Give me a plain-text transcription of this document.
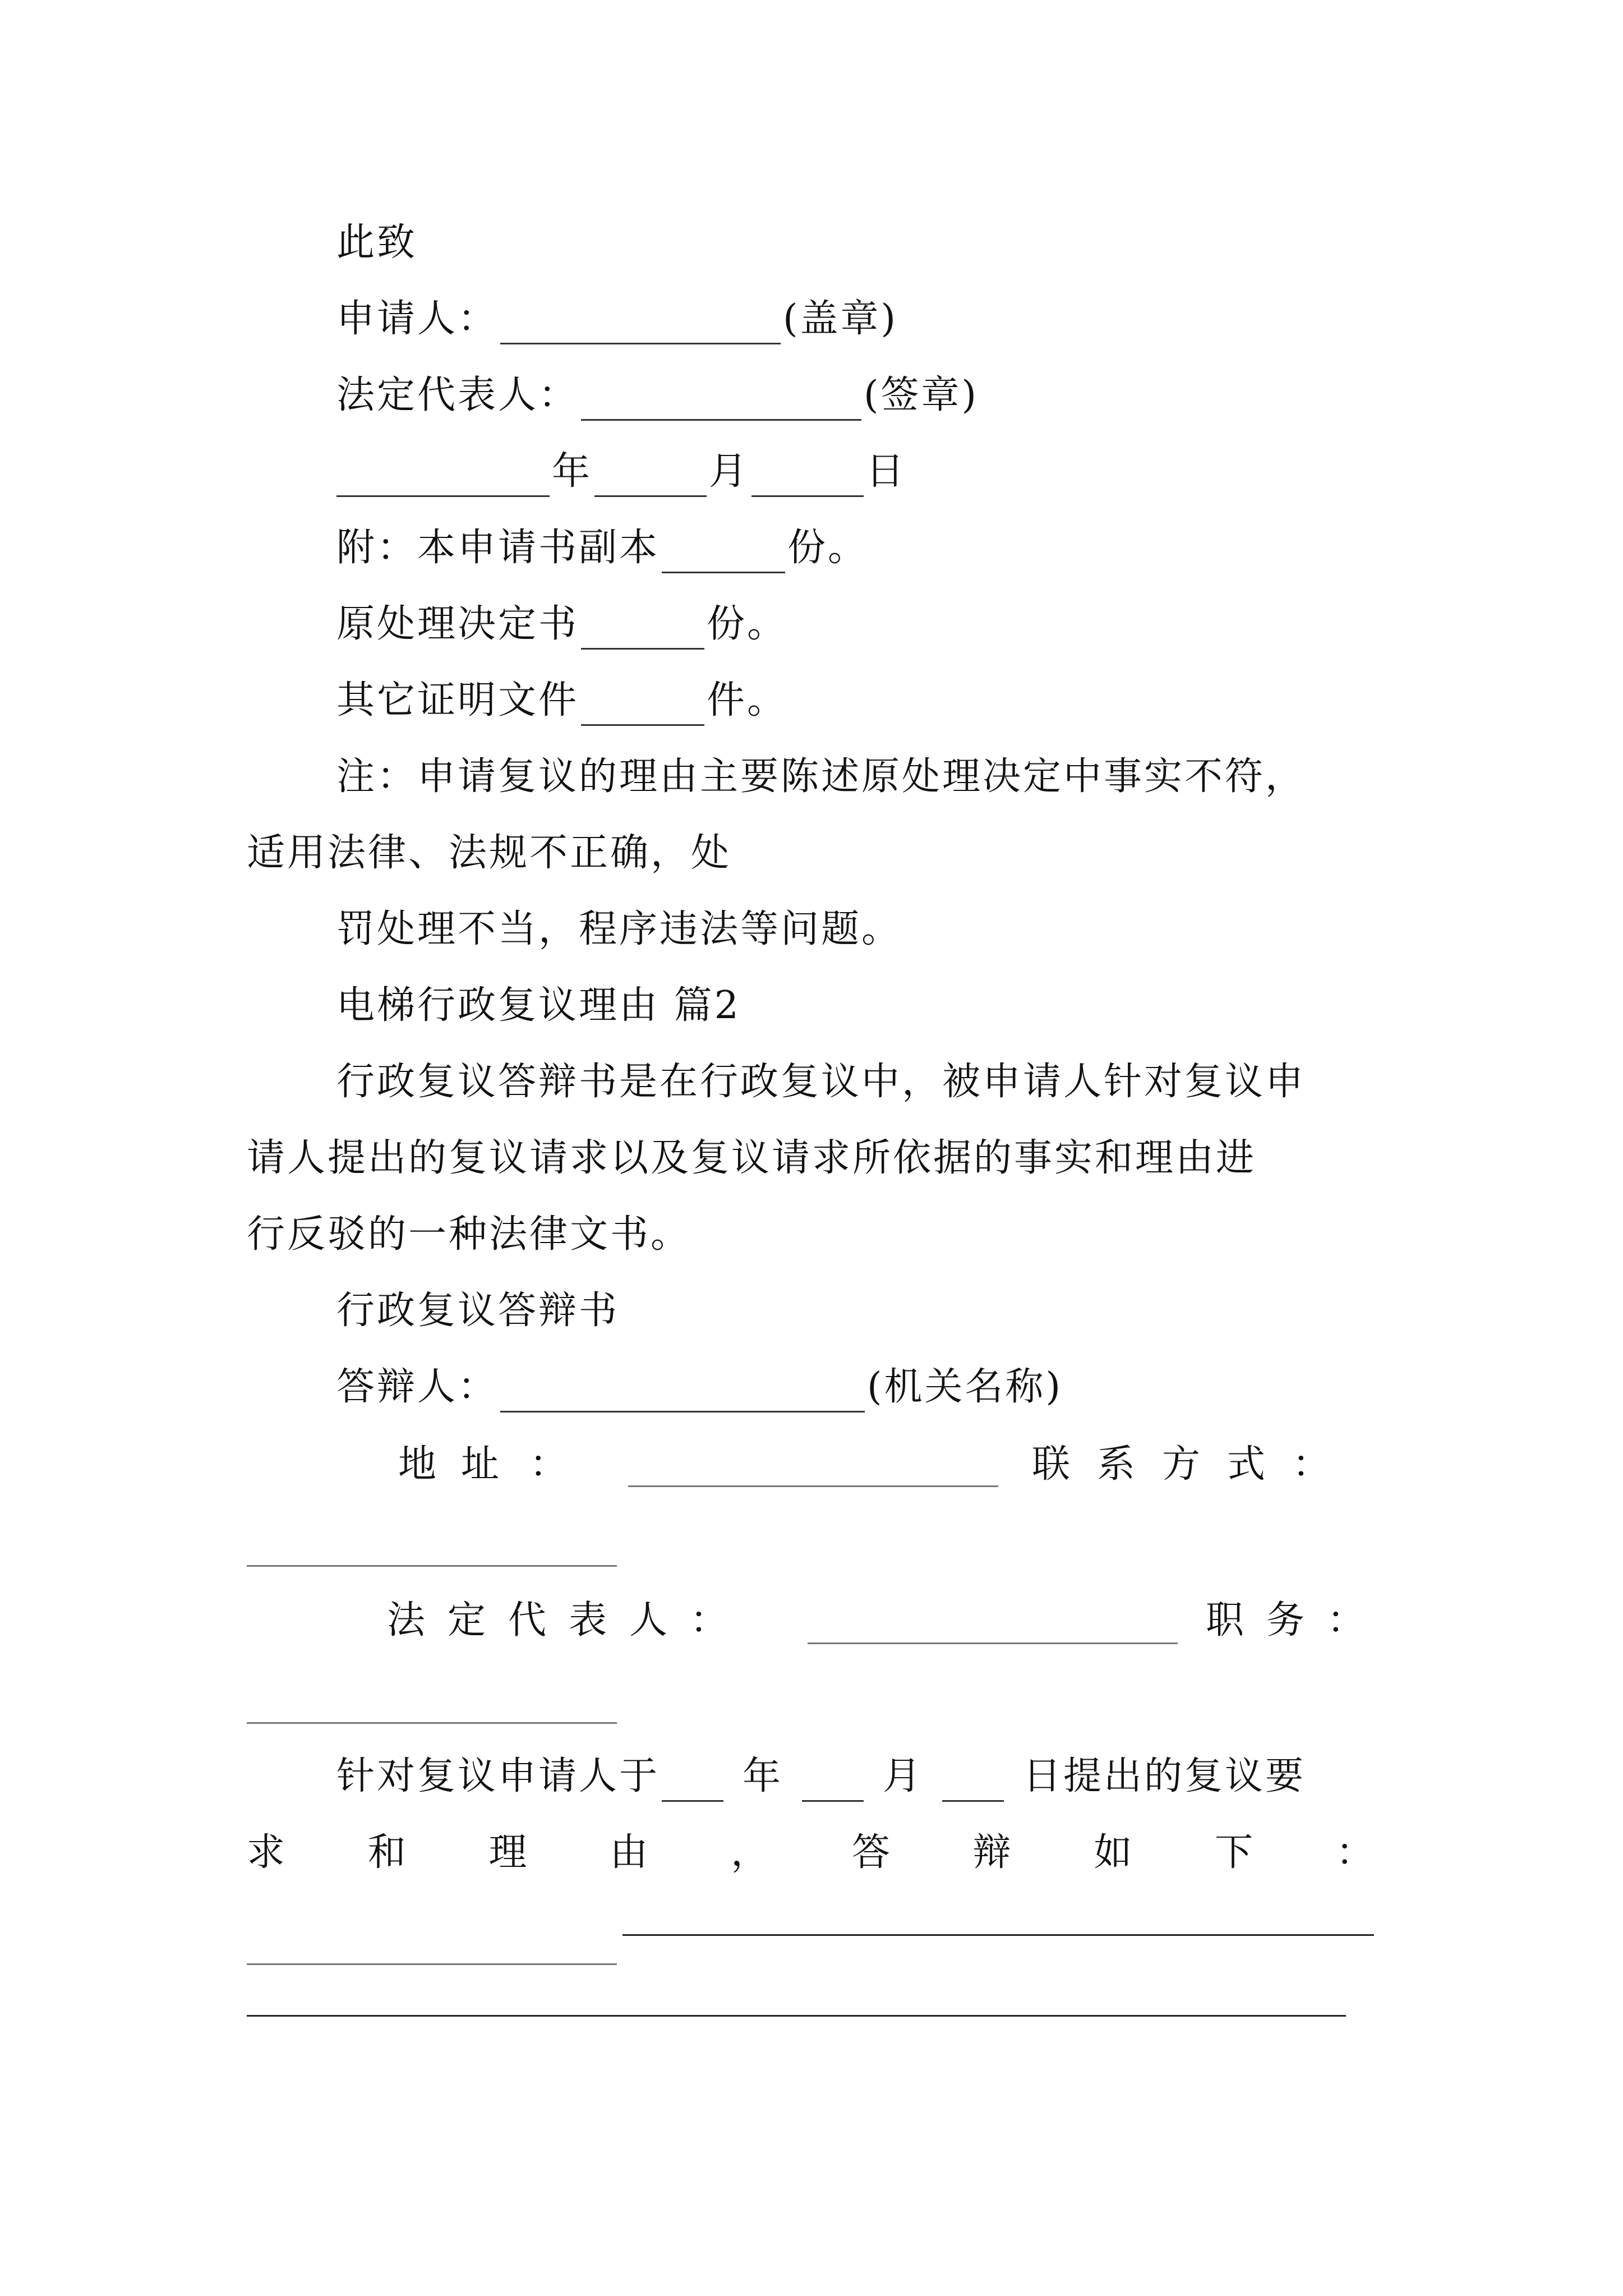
此致
申请人：	(盖章)
法定代表人：	(签章)
年	月	日
附：本申请书副本	份。
原处理决定书	份。
其它证明文件	件。
注：申请复议的理由主要陈述原处理决定中事实不符，
适用法律、法规不正确，处
罚处理不当，程序违法等问题。
电梯行政复议理由 篇2
行政复议答辩书是在行政复议中，被申请人针对复议申
请人提出的复议请求以及复议请求所依据的事实和理由进
行反驳的一种法律文书。
行政复议答辩书
答辩人：	(机关名称)
地 址 ：	联 系 方 式 ：
法 定 代 表 人 ：	职 务 ：
针对复议申请人于 年	月	日提出的复议要
求 和 理 由 ， 答 辩 如 下 ：
